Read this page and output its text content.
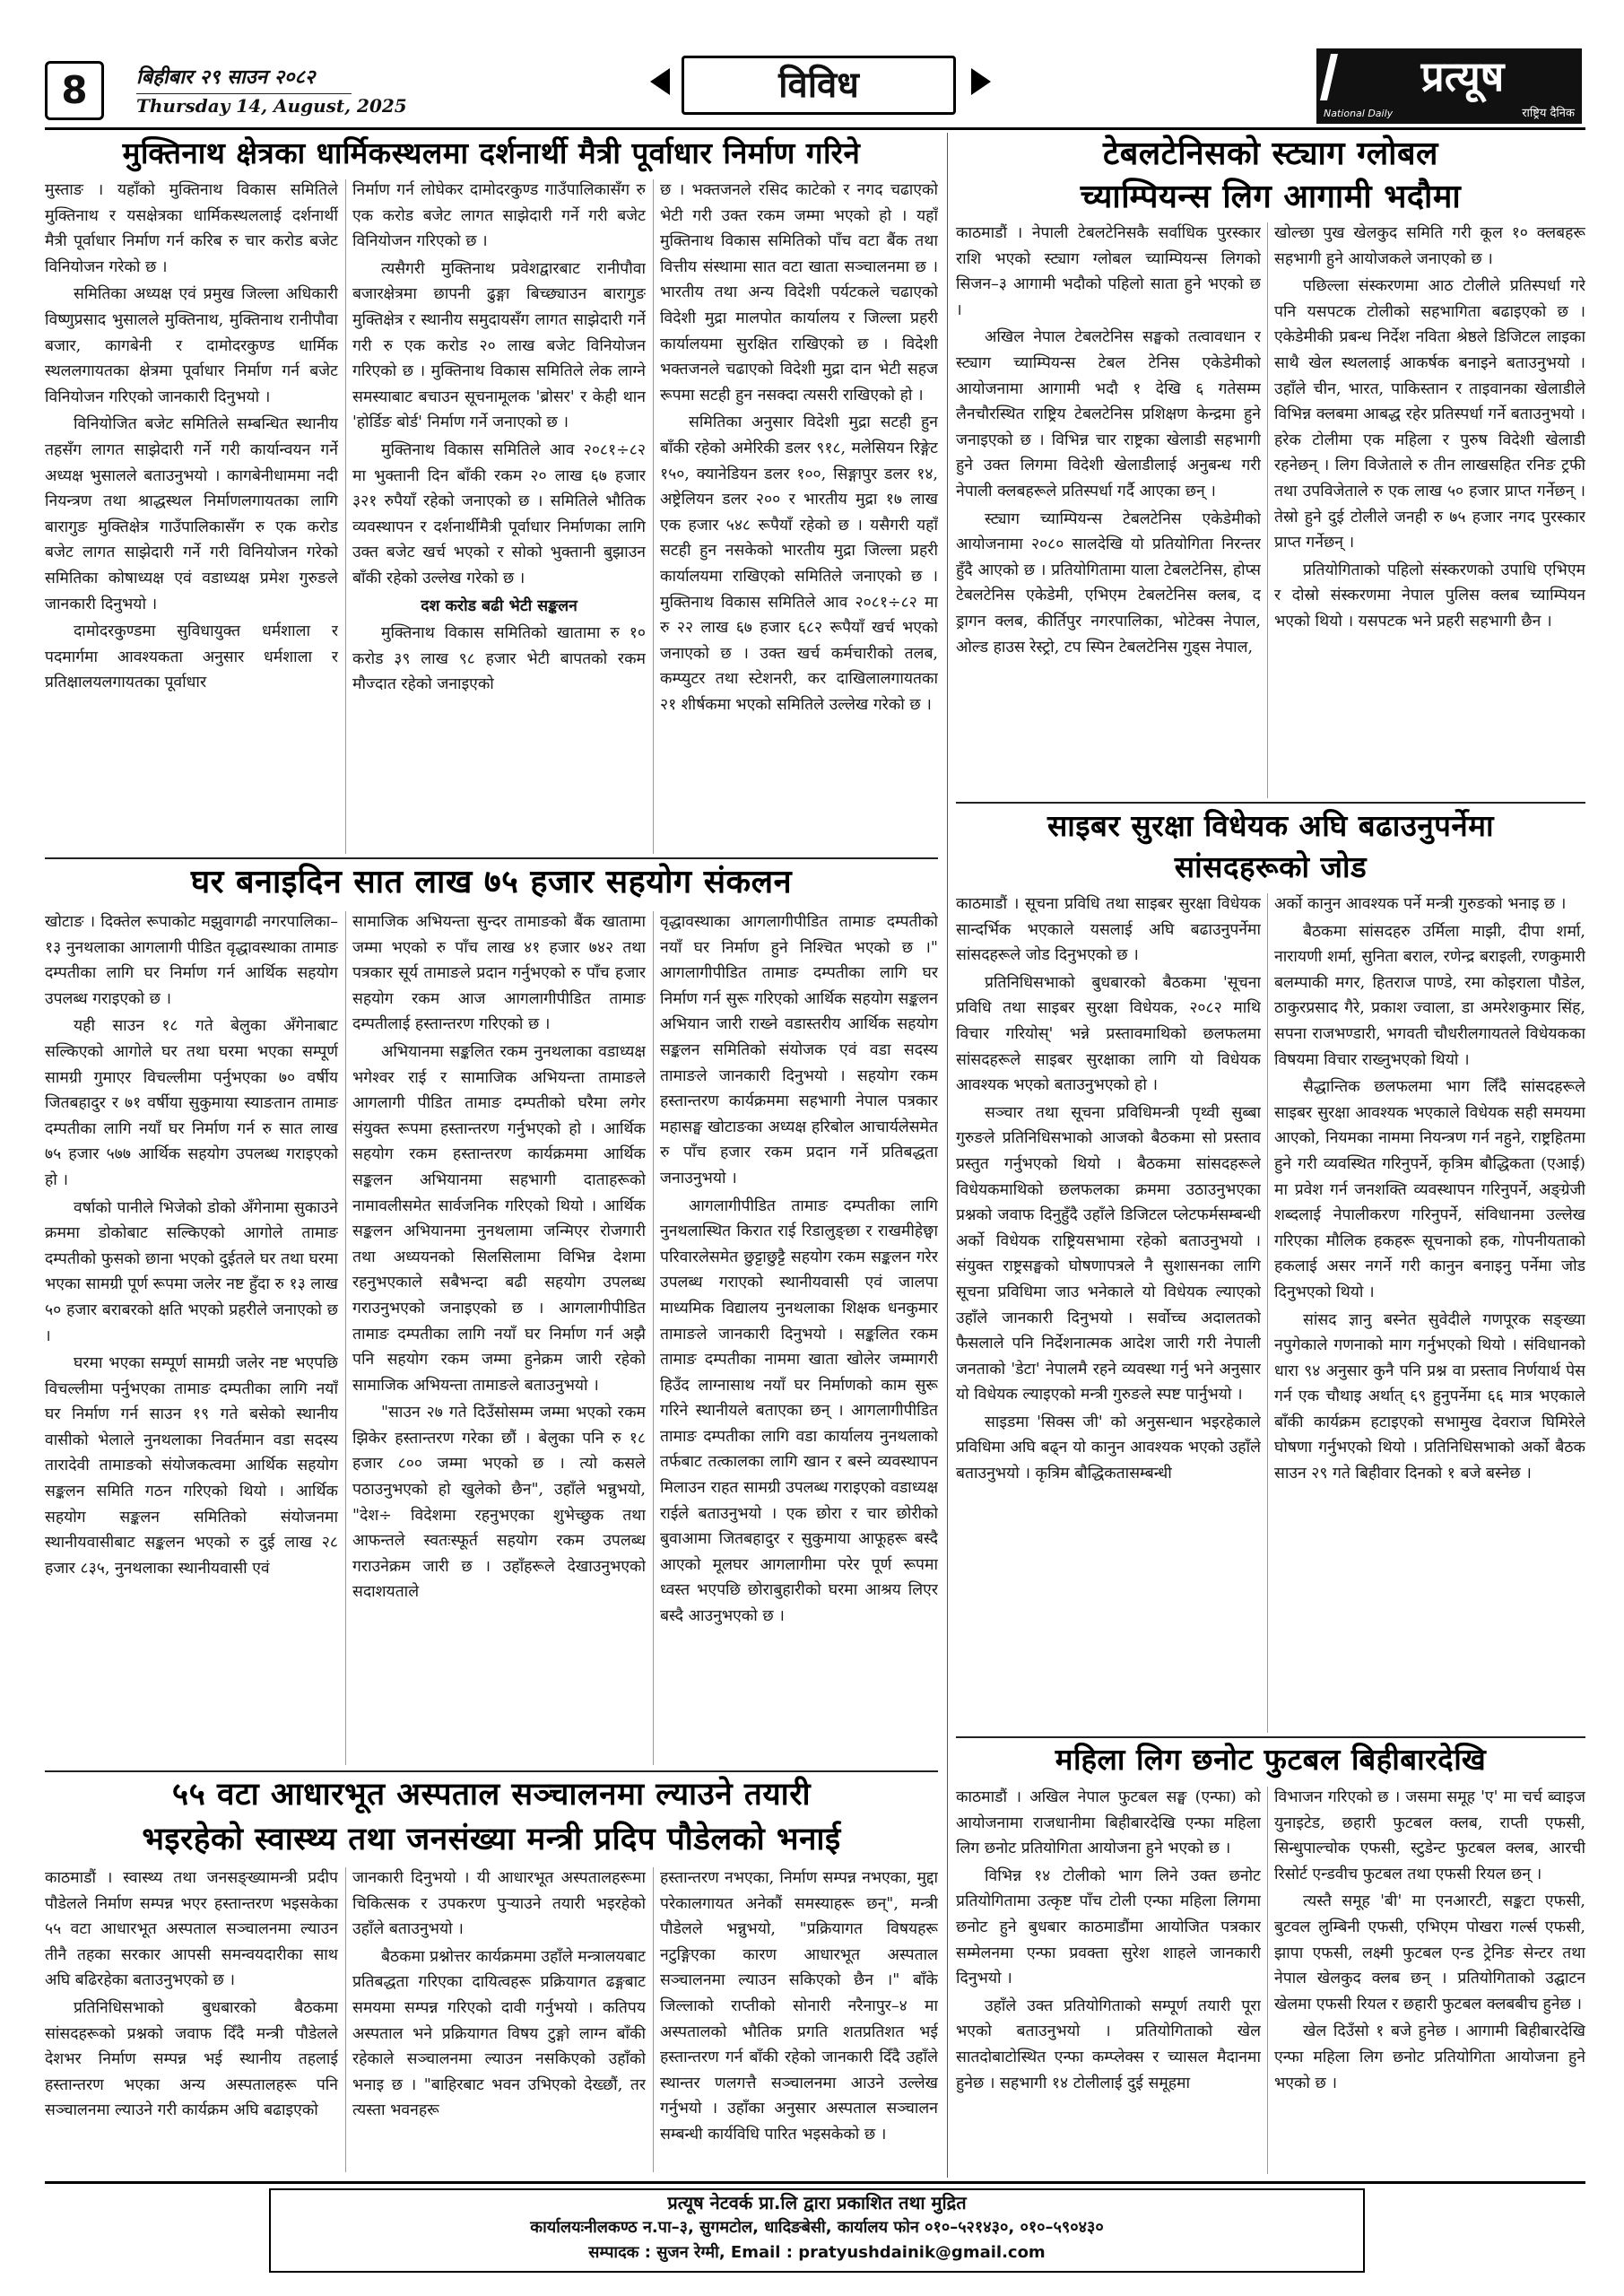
8	बिहीबार २९ साउन २०८२
Thursday 14, August, 2025	विविध	प्रत्यूष
National Daily	राष्ट्रिय दैनिक
मुक्तिनाथ क्षेत्रका धार्मिकस्थलमा दर्शनार्थी मैत्री पूर्वाधार निर्माण गरिने

मुस्ताङ । यहाँको मुक्तिनाथ विकास समितिले मुक्तिनाथ र यसक्षेत्रका धार्मिकस्थललाई दर्शनार्थी मैत्री पूर्वाधार निर्माण गर्न करिब रु चार करोड बजेट विनियोजन गरेको छ ।

समितिका अध्यक्ष एवं प्रमुख जिल्ला अधिकारी विष्णुप्रसाद भुसालले मुक्तिनाथ, मुक्तिनाथ रानीपौवा बजार, कागबेनी र दामोदरकुण्ड धार्मिक स्थललगायतका क्षेत्रमा पूर्वाधार निर्माण गर्न बजेट विनियोजन गरिएको जानकारी दिनुभयो ।

विनियोजित बजेट समितिले सम्बन्धित स्थानीय तहसँग लागत साझेदारी गर्ने गरी कार्यान्वयन गर्ने अध्यक्ष भुसालले बताउनुभयो । कागबेनीधाममा नदी नियन्त्रण तथा श्राद्धस्थल निर्माणलगायतका लागि बारागुङ मुक्तिक्षेत्र गाउँपालिकासँग रु एक करोड बजेट लागत साझेदारी गर्ने गरी विनियोजन गरेको समितिका कोषाध्यक्ष एवं वडाध्यक्ष प्रमेश गुरुङले जानकारी दिनुभयो ।

दामोदरकुण्डमा सुविधायुक्त धर्मशाला र पदमार्गमा आवश्यकता अनुसार धर्मशाला र प्रतिक्षालयलगायतका पूर्वाधार

निर्माण गर्न लोघेकर दामोदरकुण्ड गाउँपालिकासँग रु एक करोड बजेट लागत साझेदारी गर्ने गरी बजेट विनियोजन गरिएको छ ।

त्यसैगरी मुक्तिनाथ प्रवेशद्वारबाट रानीपौवा बजारक्षेत्रमा छापनी ढुङ्गा बिच्छ्याउन बारागुङ मुक्तिक्षेत्र र स्थानीय समुदायसँग लागत साझेदारी गर्ने गरी रु एक करोड २० लाख बजेट विनियोजन गरिएको छ । मुक्तिनाथ विकास समितिले लेक लाग्ने समस्याबाट बचाउन सूचनामूलक 'ब्रोसर' र केही थान 'होर्डिङ बोर्ड' निर्माण गर्ने जनाएको छ ।

मुक्तिनाथ विकास समितिले आव २०८१÷८२ मा भुक्तानी दिन बाँकी रकम २० लाख ६७ हजार ३२१ रुपैयाँ रहेको जनाएको छ । समितिले भौतिक व्यवस्थापन र दर्शनार्थीमैत्री पूर्वाधार निर्माणका लागि उक्त बजेट खर्च भएको र सोको भुक्तानी बुझाउन बाँकी रहेको उल्लेख गरेको छ ।

दश करोड बढी भेटी सङ्कलन

मुक्तिनाथ विकास समितिको खातामा रु १० करोड ३९ लाख ९८ हजार भेटी बापतको रकम मौज्दात रहेको जनाइएको

छ । भक्तजनले रसिद काटेको र नगद चढाएको भेटी गरी उक्त रकम जम्मा भएको हो । यहाँ मुक्तिनाथ विकास समितिको पाँच वटा बैंक तथा वित्तीय संस्थामा सात वटा खाता सञ्चालनमा छ । भारतीय तथा अन्य विदेशी पर्यटकले चढाएको विदेशी मुद्रा मालपोत कार्यालय र जिल्ला प्रहरी कार्यालयमा सुरक्षित राखिएको छ । विदेशी भक्तजनले चढाएको विदेशी मुद्रा दान भेटी सहज रूपमा सटही हुन नसक्दा त्यसरी राखिएको हो ।

समितिका अनुसार विदेशी मुद्रा सटही हुन बाँकी रहेको अमेरिकी डलर ९१८, मलेसियन रिङ्गेट १५०, क्यानेडियन डलर १००, सिङ्गापुर डलर १४, अष्ट्रेलियन डलर २०० र भारतीय मुद्रा १७ लाख एक हजार ५४८ रूपैयाँ रहेको छ । यसैगरी यहाँ सटही हुन नसकेको भारतीय मुद्रा जिल्ला प्रहरी कार्यालयमा राखिएको समितिले जनाएको छ । मुक्तिनाथ विकास समितिले आव २०८१÷८२ मा रु २२ लाख ६७ हजार ६८२ रूपैयाँ खर्च भएको जनाएको छ । उक्त खर्च कर्मचारीको तलब, कम्प्युटर तथा स्टेशनरी, कर दाखिलालगायतका २१ शीर्षकमा भएको समितिले उल्लेख गरेको छ ।

टेबलटेनिसको स्ट्याग ग्लोबल
च्याम्पियन्स लिग आगामी भदौमा

काठमाडौं । नेपाली टेबलटेनिसकै सर्वाधिक पुरस्कार राशि भएको स्ट्याग ग्लोबल च्याम्पियन्स लिगको सिजन–३ आगामी भदौको पहिलो साता हुने भएको छ ।

अखिल नेपाल टेबलटेनिस सङ्घको तत्वावधान र स्ट्याग च्याम्पियन्स टेबल टेनिस एकेडेमीको आयोजनामा आगामी भदौ १ देखि ६ गतेसम्म लैनचौरस्थित राष्ट्रिय टेबलटेनिस प्रशिक्षण केन्द्रमा हुने जनाइएको छ । विभिन्न चार राष्ट्रका खेलाडी सहभागी हुने उक्त लिगमा विदेशी खेलाडीलाई अनुबन्ध गरी नेपाली क्लबहरूले प्रतिस्पर्धा गर्दै आएका छन् ।

स्ट्याग च्याम्पियन्स टेबलटेनिस एकेडेमीको आयोजनामा २०८० सालदेखि यो प्रतियोगिता निरन्तर हुँदै आएको छ । प्रतियोगितामा याला टेबलटेनिस, होप्स टेबलटेनिस एकेडेमी, एभिएम टेबलटेनिस क्लब, द ड्रागन क्लब, कीर्तिपुर नगरपालिका, भोटेक्स नेपाल, ओल्ड हाउस रेस्ट्रो, टप स्पिन टेबलटेनिस गुड्स नेपाल,

खोल्छा पुख खेलकुद समिति गरी कूल १० क्लबहरू सहभागी हुने आयोजकले जनाएको छ ।

पछिल्ला संस्करणमा आठ टोलीले प्रतिस्पर्धा गरे पनि यसपटक टोलीको सहभागिता बढाइएको छ । एकेडेमीकी प्रबन्ध निर्देश नविता श्रेष्ठले डिजिटल लाइका साथै खेल स्थललाई आकर्षक बनाइने बताउनुभयो । उहाँले चीन, भारत, पाकिस्तान र ताइवानका खेलाडीले विभिन्न क्लबमा आबद्ध रहेर प्रतिस्पर्धा गर्ने बताउनुभयो । हरेक टोलीमा एक महिला र पुरुष विदेशी खेलाडी रहनेछन् । लिग विजेताले रु तीन लाखसहित रनिङ ट्रफी तथा उपविजेताले रु एक लाख ५० हजार प्राप्त गर्नेछन् । तेस्रो हुने दुई टोलीले जनही रु ७५ हजार नगद पुरस्कार प्राप्त गर्नेछन् ।

प्रतियोगिताको पहिलो संस्करणको उपाधि एभिएम र दोस्रो संस्करणमा नेपाल पुलिस क्लब च्याम्पियन भएको थियो । यसपटक भने प्रहरी सहभागी छैन ।

साइबर सुरक्षा विधेयक अघि बढाउनुपर्नेमा
सांसदहरूको जोड

काठमाडौं । सूचना प्रविधि तथा साइबर सुरक्षा विधेयक सान्दर्भिक भएकाले यसलाई अघि बढाउनुपर्नेमा सांसदहरूले जोड दिनुभएको छ ।

प्रतिनिधिसभाको बुधबारको बैठकमा 'सूचना प्रविधि तथा साइबर सुरक्षा विधेयक, २०८२ माथि विचार गरियोस्' भन्ने प्रस्तावमाथिको छलफलमा सांसदहरूले साइबर सुरक्षाका लागि यो विधेयक आवश्यक भएको बताउनुभएको हो ।

सञ्चार तथा सूचना प्रविधिमन्त्री पृथ्वी सुब्बा गुरुङले प्रतिनिधिसभाको आजको बैठकमा सो प्रस्ताव प्रस्तुत गर्नुभएको थियो । बैठकमा सांसदहरूले विधेयकमाथिको छलफलका क्रममा उठाउनुभएका प्रश्नको जवाफ दिनुहुँदै उहाँले डिजिटल प्लेटफर्मसम्बन्धी अर्को विधेयक राष्ट्रियसभामा रहेको बताउनुभयो । संयुक्त राष्ट्रसङ्घको घोषणापत्रले नै सुशासनका लागि सूचना प्रविधिमा जाउ भनेकाले यो विधेयक ल्याएको उहाँले जानकारी दिनुभयो । सर्वोच्च अदालतको फैसलाले पनि निर्देशनात्मक आदेश जारी गरी नेपाली जनताको 'डेटा' नेपालमै रहने व्यवस्था गर्नु भने अनुसार यो विधेयक ल्याइएको मन्त्री गुरुङले स्पष्ट पार्नुभयो ।

साइडमा 'सिक्स जी' को अनुसन्धान भइरहेकाले प्रविधिमा अघि बढ्न यो कानुन आवश्यक भएको उहाँले बताउनुभयो । कृत्रिम बौद्धिकतासम्बन्धी

अर्को कानुन आवश्यक पर्ने मन्त्री गुरुङको भनाइ छ ।

बैठकमा सांसदहरु उर्मिला माझी, दीपा शर्मा, नारायणी शर्मा, सुनिता बराल, रणेन्द्र बराइली, रणकुमारी बलम्पाकी मगर, हितराज पाण्डे, रमा कोइराला पौडेल, ठाकुरप्रसाद गैरे, प्रकाश ज्वाला, डा अमरेशकुमार सिंह, सपना राजभण्डारी, भगवती चौधरीलगायतले विधेयकका विषयमा विचार राख्नुभएको थियो ।

सैद्धान्तिक छलफलमा भाग लिँदै सांसदहरूले साइबर सुरक्षा आवश्यक भएकाले विधेयक सही समयमा आएको, नियमका नाममा नियन्त्रण गर्न नहुने, राष्ट्रहितमा हुने गरी व्यवस्थित गरिनुपर्ने, कृत्रिम बौद्धिकता (एआई) मा प्रवेश गर्न जनशक्ति व्यवस्थापन गरिनुपर्ने, अङ्ग्रेजी शब्दलाई नेपालीकरण गरिनुपर्ने, संविधानमा उल्लेख गरिएका मौलिक हकहरू सूचनाको हक, गोपनीयताको हकलाई असर नगर्ने गरी कानुन बनाइनु पर्नेमा जोड दिनुभएको थियो ।

सांसद ज्ञानु बस्नेत सुवेदीले गणपूरक सङ्ख्या नपुगेकाले गणनाको माग गर्नुभएको थियो । संविधानको धारा ९४ अनुसार कुनै पनि प्रश्न वा प्रस्ताव निर्णयार्थ पेस गर्न एक चौथाइ अर्थात् ६९ हुनुपर्नेमा ६६ मात्र भएकाले बाँकी कार्यक्रम हटाइएको सभामुख देवराज घिमिरेले घोषणा गर्नुभएको थियो । प्रतिनिधिसभाको अर्को बैठक साउन २९ गते बिहीवार दिनको १ बजे बस्नेछ ।

घर बनाइदिन सात लाख ७५ हजार सहयोग संकलन

खोटाङ । दिक्तेल रूपाकोट मझुवागढी नगरपालिका–१३ नुनथलाका आगलागी पीडित वृद्धावस्थाका तामाङ दम्पतीका लागि घर निर्माण गर्न आर्थिक सहयोग उपलब्ध गराइएको छ ।

यही साउन १८ गते बेलुका अँगेनाबाट सल्किएको आगोले घर तथा घरमा भएका सम्पूर्ण सामग्री गुमाएर विचल्लीमा पर्नुभएका ७० वर्षीय जितबहादुर र ७१ वर्षीया सुकुमाया स्याङतान तामाङ दम्पतीका लागि नयाँ घर निर्माण गर्न रु सात लाख ७५ हजार ५७७ आर्थिक सहयोग उपलब्ध गराइएको हो ।

वर्षाको पानीले भिजेको डोको अँगेनामा सुकाउने क्रममा डोकोबाट सल्किएको आगोले तामाङ दम्पतीको फुसको छाना भएको दुईतले घर तथा घरमा भएका सामग्री पूर्ण रूपमा जलेर नष्ट हुँदा रु १३ लाख ५० हजार बराबरको क्षति भएको प्रहरीले जनाएको छ ।

घरमा भएका सम्पूर्ण सामग्री जलेर नष्ट भएपछि विचल्लीमा पर्नुभएका तामाङ दम्पतीका लागि नयाँ घर निर्माण गर्न साउन १९ गते बसेको स्थानीय वासीको भेलाले नुनथलाका निवर्तमान वडा सदस्य तारादेवी तामाङको संयोजकत्वमा आर्थिक सहयोग सङ्कलन समिति गठन गरिएको थियो । आर्थिक सहयोग सङ्कलन समितिको संयोजनमा स्थानीयवासीबाट सङ्कलन भएको रु दुई लाख २८ हजार ८३५, नुनथलाका स्थानीयवासी एवं

सामाजिक अभियन्ता सुन्दर तामाङको बैंक खातामा जम्मा भएको रु पाँच लाख ४१ हजार ७४२ तथा पत्रकार सूर्य तामाङले प्रदान गर्नुभएको रु पाँच हजार सहयोग रकम आज आगलागीपीडित तामाङ दम्पतीलाई हस्तान्तरण गरिएको छ ।

अभियानमा सङ्कलित रकम नुनथलाका वडाध्यक्ष भगेश्वर राई र सामाजिक अभियन्ता तामाङले आगलागी पीडित तामाङ दम्पतीको घरैमा लगेर संयुक्त रूपमा हस्तान्तरण गर्नुभएको हो । आर्थिक सहयोग रकम हस्तान्तरण कार्यक्रममा आर्थिक सङ्कलन अभियानमा सहभागी दाताहरूको नामावलीसमेत सार्वजनिक गरिएको थियो । आर्थिक सङ्कलन अभियानमा नुनथलामा जन्मिएर रोजगारी तथा अध्ययनको सिलसिलामा विभिन्न देशमा रहनुभएकाले सबैभन्दा बढी सहयोग उपलब्ध गराउनुभएको जनाइएको छ । आगलागीपीडित तामाङ दम्पतीका लागि नयाँ घर निर्माण गर्न अझै पनि सहयोग रकम जम्मा हुनेक्रम जारी रहेको सामाजिक अभियन्ता तामाङले बताउनुभयो ।

"साउन २७ गते दिउँसोसम्म जम्मा भएको रकम झिकेर हस्तान्तरण गरेका छौं । बेलुका पनि रु १८ हजार ८०० जम्मा भएको छ । त्यो कसले पठाउनुभएको हो खुलेको छैन", उहाँले भन्नुभयो, "देश÷ विदेशमा रहनुभएका शुभेच्छुक तथा आफन्तले स्वतःस्फूर्त सहयोग रकम उपलब्ध गराउनेक्रम जारी छ । उहाँहरूले देखाउनुभएको सदाशयताले

वृद्धावस्थाका आगलागीपीडित तामाङ दम्पतीको नयाँ घर निर्माण हुने निश्चित भएको छ ।" आगलागीपीडित तामाङ दम्पतीका लागि घर निर्माण गर्न सुरू गरिएको आर्थिक सहयोग सङ्कलन अभियान जारी राख्ने वडास्तरीय आर्थिक सहयोग सङ्कलन समितिको संयोजक एवं वडा सदस्य तामाङले जानकारी दिनुभयो । सहयोग रकम हस्तान्तरण कार्यक्रममा सहभागी नेपाल पत्रकार महासङ्घ खोटाङका अध्यक्ष हरिबोल आचार्यलेसमेत रु पाँच हजार रकम प्रदान गर्ने प्रतिबद्धता जनाउनुभयो ।

आगलागीपीडित तामाङ दम्पतीका लागि नुनथलास्थित किरात राई रिडालुङ्छा र राखमीहेछ्वा परिवारलेसमेत छुट्टाछुट्टै सहयोग रकम सङ्कलन गरेर उपलब्ध गराएको स्थानीयवासी एवं जालपा माध्यमिक विद्यालय नुनथलाका शिक्षक धनकुमार तामाङले जानकारी दिनुभयो । सङ्कलित रकम तामाङ दम्पतीका नाममा खाता खोलेर जम्मागरी हिउँद लाग्नासाथ नयाँ घर निर्माणको काम सुरू गरिने स्थानीयले बताएका छन् । आगलागीपीडित तामाङ दम्पतीका लागि वडा कार्यालय नुनथलाको तर्फबाट तत्कालका लागि खान र बस्ने व्यवस्थापन मिलाउन राहत सामग्री उपलब्ध गराइएको वडाध्यक्ष राईले बताउनुभयो । एक छोरा र चार छोरीको बुवाआमा जितबहादुर र सुकुमाया आफूहरू बस्दै आएको मूलघर आगलागीमा परेर पूर्ण रूपमा ध्वस्त भएपछि छोराबुहारीको घरमा आश्रय लिएर बस्दै आउनुभएको छ ।

५५ वटा आधारभूत अस्पताल सञ्चालनमा ल्याउने तयारी
भइरहेको स्वास्थ्य तथा जनसंख्या मन्त्री प्रदिप पौडेलको भनाई

काठमाडौं । स्वास्थ्य तथा जनसङ्ख्यामन्त्री प्रदीप पौडेलले निर्माण सम्पन्न भएर हस्तान्तरण भइसकेका ५५ वटा आधारभूत अस्पताल सञ्चालनमा ल्याउन तीनै तहका सरकार आपसी समन्वयदारीका साथ अघि बढिरहेका बताउनुभएको छ ।

प्रतिनिधिसभाको बुधबारको बैठकमा सांसदहरूको प्रश्नको जवाफ दिँदै मन्त्री पौडेलले देशभर निर्माण सम्पन्न भई स्थानीय तहलाई हस्तान्तरण भएका अन्य अस्पतालहरू पनि सञ्चालनमा ल्याउने गरी कार्यक्रम अघि बढाइएको

जानकारी दिनुभयो । यी आधारभूत अस्पतालहरूमा चिकित्सक र उपकरण पुऱ्याउने तयारी भइरहेको उहाँले बताउनुभयो ।

बैठकमा प्रश्नोत्तर कार्यक्रममा उहाँले मन्त्रालयबाट प्रतिबद्धता गरिएका दायित्वहरू प्रक्रियागत ढङ्गबाट समयमा सम्पन्न गरिएको दावी गर्नुभयो । कतिपय अस्पताल भने प्रक्रियागत विषय टुङ्गो लाग्न बाँकी रहेकाले सञ्चालनमा ल्याउन नसकिएको उहाँको भनाइ छ । "बाहिरबाट भवन उभिएको देख्छौं, तर त्यस्ता भवनहरू

हस्तान्तरण नभएका, निर्माण सम्पन्न नभएका, मुद्दा परेकालगायत अनेकौं समस्याहरू छन्", मन्त्री पौडेलले भन्नुभयो, "प्रक्रियागत विषयहरू नटुङ्गिएका कारण आधारभूत अस्पताल सञ्चालनमा ल्याउन सकिएको छैन ।" बाँके जिल्लाको राप्तीको सोनारी नरैनापुर–४ मा अस्पतालको भौतिक प्रगति शतप्रतिशत भई हस्तान्तरण गर्न बाँकी रहेको जानकारी दिँदै उहाँले स्थान्तर णलगत्तै सञ्चालनमा आउने उल्लेख गर्नुभयो । उहाँका अनुसार अस्पताल सञ्चालन सम्बन्धी कार्यविधि पारित भइसकेको छ ।

महिला लिग छनोट फुटबल बिहीबारदेखि

काठमाडौं । अखिल नेपाल फुटबल सङ्घ (एन्फा) को आयोजनामा राजधानीमा बिहीबारदेखि एन्फा महिला लिग छनोट प्रतियोगिता आयोजना हुने भएको छ ।

विभिन्न १४ टोलीको भाग लिने उक्त छनोट प्रतियोगितामा उत्कृष्ट पाँच टोली एन्फा महिला लिगमा छनोट हुने बुधबार काठमाडौंमा आयोजित पत्रकार सम्मेलनमा एन्फा प्रवक्ता सुरेश शाहले जानकारी दिनुभयो ।

उहाँले उक्त प्रतियोगिताको सम्पूर्ण तयारी पूरा भएको बताउनुभयो । प्रतियोगिताको खेल सातदोबाटोस्थित एन्फा कम्प्लेक्स र च्यासल मैदानमा हुनेछ । सहभागी १४ टोलीलाई दुई समूहमा

विभाजन गरिएको छ । जसमा समूह 'ए' मा चर्च ब्वाइज युनाइटेड, छहारी फुटबल क्लब, राप्ती एफसी, सिन्धुपाल्चोक एफसी, स्टुडेन्ट फुटबल क्लब, आरची रिसोर्ट एन्डवीच फुटबल तथा एफसी रियल छन् ।

त्यस्तै समूह 'बी' मा एनआरटी, सङ्कटा एफसी, बुटवल लुम्बिनी एफसी, एभिएम पोखरा गर्ल्स एफसी, झापा एफसी, लक्ष्मी फुटबल एन्ड ट्रेनिङ सेन्टर तथा नेपाल खेलकुद क्लब छन् । प्रतियोगिताको उद्घाटन खेलमा एफसी रियल र छहारी फुटबल क्लबबीच हुनेछ ।

खेल दिउँसो १ बजे हुनेछ । आगामी बिहीबारदेखि एन्फा महिला लिग छनोट प्रतियोगिता आयोजना हुने भएको छ ।

प्रत्यूष नेटवर्क प्रा.लि द्वारा प्रकाशित तथा मुद्रित
कार्यालयःनीलकण्ठ न.पा–३, सुगमटोल, धादिङबेसी, कार्यालय फोन ०१०–५२१४३०, ०१०–५९०४३०
सम्पादक : सुजन रेग्मी, Email : pratyushdainik@gmail.com
